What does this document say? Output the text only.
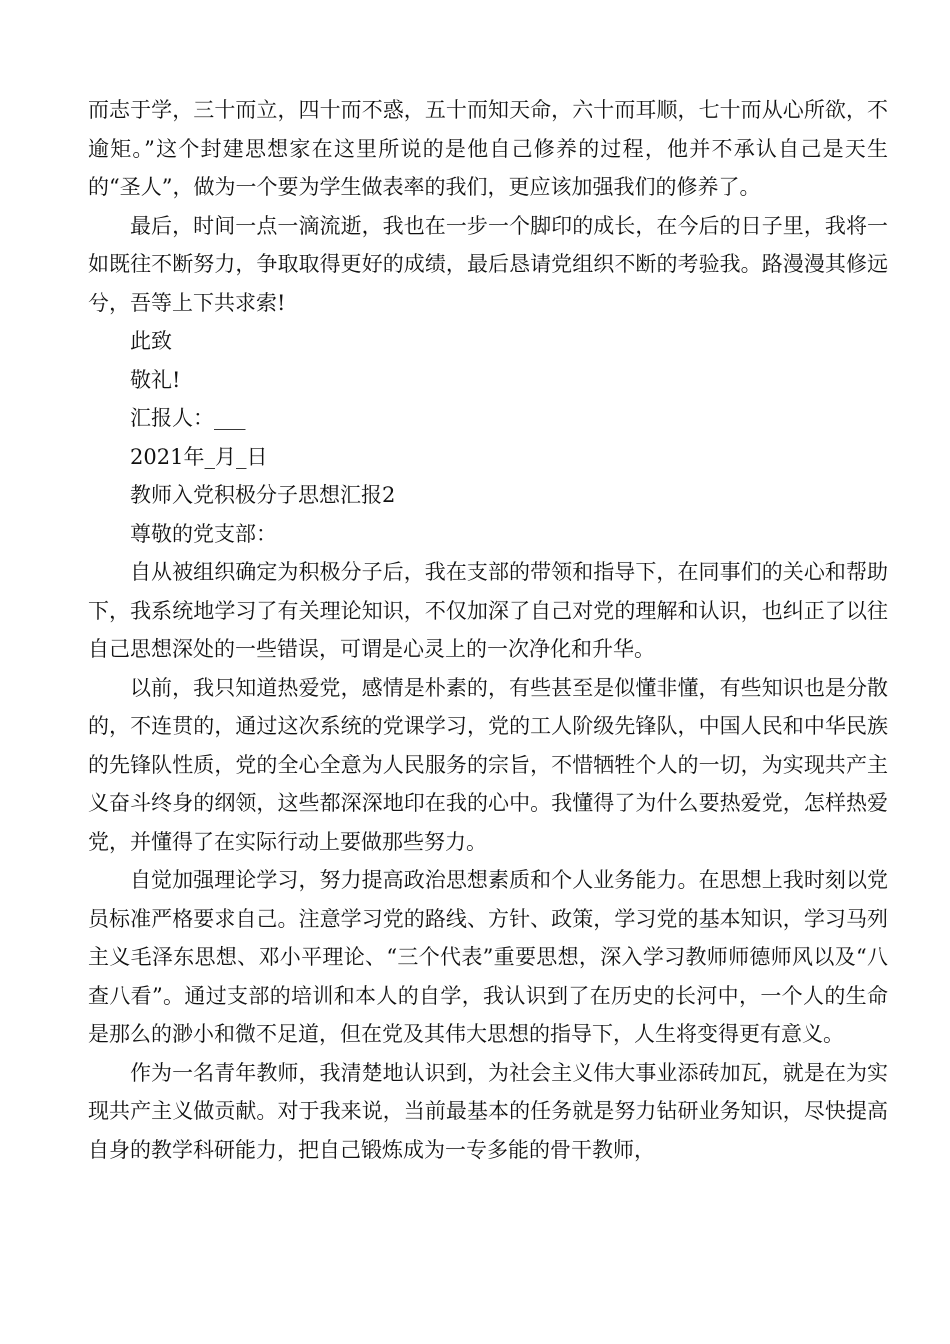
而志于学，三十而立，四十而不惑，五十而知天命，六十而耳顺，七十而从心所欲，不逾矩。”这个封建思想家在这里所说的是他自己修养的过程，他并不承认自己是天生的“圣人”，做为一个要为学生做表率的我们，更应该加强我们的修养了。

最后，时间一点一滴流逝，我也在一步一个脚印的成长，在今后的日子里，我将一如既往不断努力，争取取得更好的成绩，最后恳请党组织不断的考验我。路漫漫其修远兮，吾等上下共求索!

此致

敬礼!

汇报人：___

2021年_月_日

教师入党积极分子思想汇报2

尊敬的党支部：

自从被组织确定为积极分子后，我在支部的带领和指导下，在同事们的关心和帮助下，我系统地学习了有关理论知识，不仅加深了自己对党的理解和认识，也纠正了以往自己思想深处的一些错误，可谓是心灵上的一次净化和升华。

以前，我只知道热爱党，感情是朴素的，有些甚至是似懂非懂，有些知识也是分散的，不连贯的，通过这次系统的党课学习，党的工人阶级先锋队，中国人民和中华民族的先锋队性质，党的全心全意为人民服务的宗旨，不惜牺牲个人的一切，为实现共产主义奋斗终身的纲领，这些都深深地印在我的心中。我懂得了为什么要热爱党，怎样热爱党，并懂得了在实际行动上要做那些努力。

自觉加强理论学习，努力提高政治思想素质和个人业务能力。在思想上我时刻以党员标准严格要求自己。注意学习党的路线、方针、政策，学习党的基本知识，学习马列主义毛泽东思想、邓小平理论、“三个代表”重要思想，深入学习教师师德师风以及“八查八看”。通过支部的培训和本人的自学，我认识到了在历史的长河中，一个人的生命是那么的渺小和微不足道，但在党及其伟大思想的指导下，人生将变得更有意义。

作为一名青年教师，我清楚地认识到，为社会主义伟大事业添砖加瓦，就是在为实现共产主义做贡献。对于我来说，当前最基本的任务就是努力钻研业务知识，尽快提高自身的教学科研能力，把自己锻炼成为一专多能的骨干教师，
